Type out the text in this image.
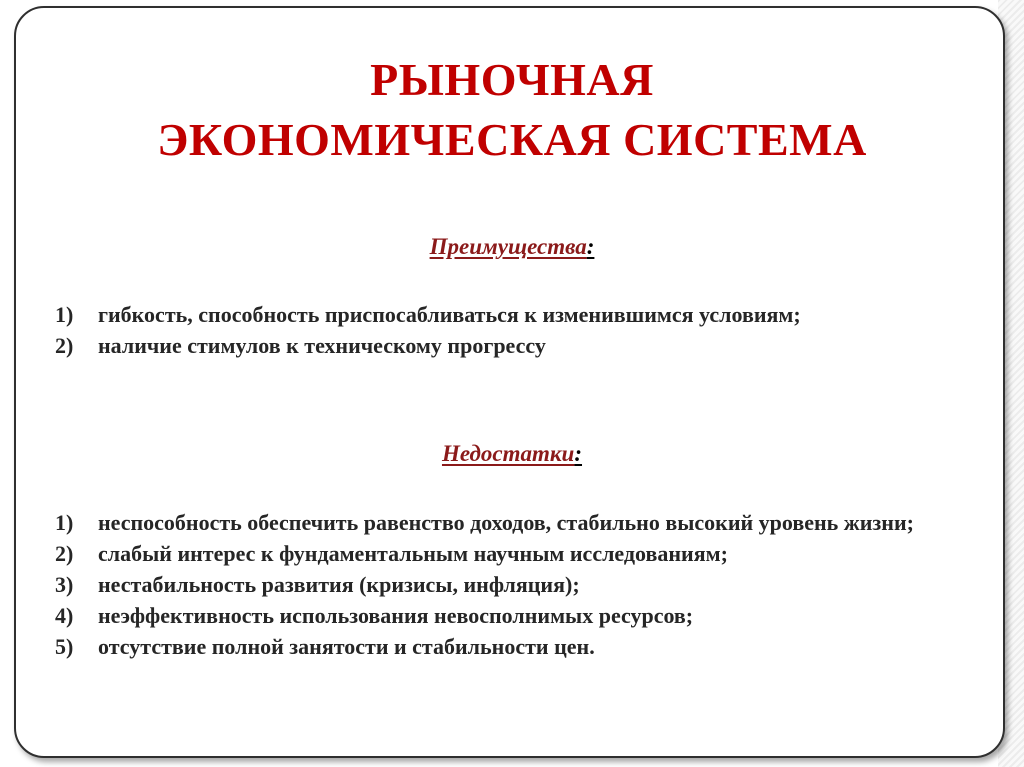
РЫНОЧНАЯ
ЭКОНОМИЧЕСКАЯ СИСТЕМА

Преимущества:

1)	гибкость, способность приспосабливаться к изменившимся условиям;
2)	наличие стимулов к техническому прогрессу

Недостатки:

1)	неспособность обеспечить равенство доходов, стабильно высокий уровень жизни;
2)	слабый интерес к фундаментальным научным исследованиям;
3)	нестабильность развития (кризисы, инфляция);
4)	неэффективность использования невосполнимых ресурсов;
5)	отсутствие полной занятости и стабильности цен.
